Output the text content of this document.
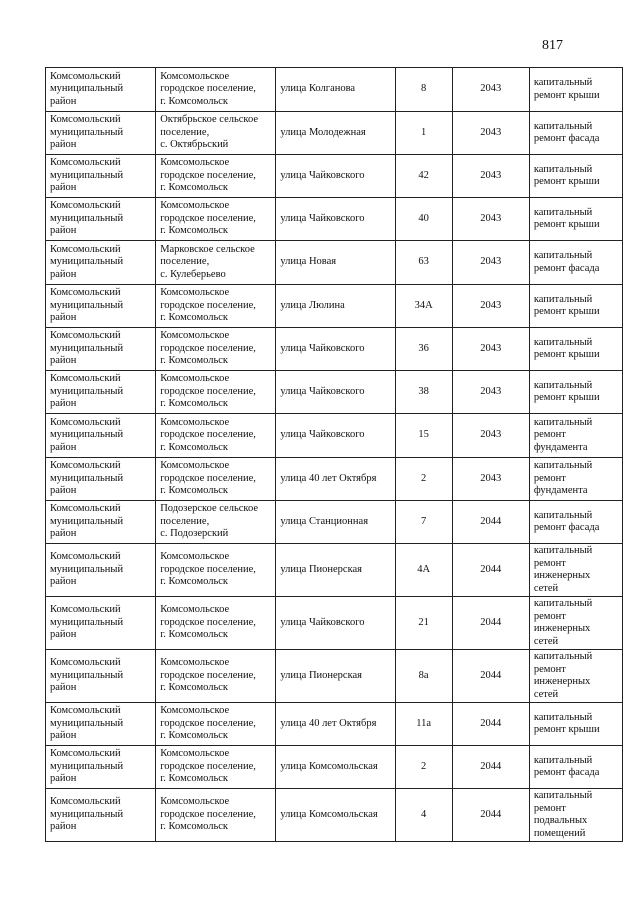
817
Комсомольский
муниципальный
район	Комсомольское
городское поселение,
г. Комсомольск	улица Колганова	8	2043	капитальный
ремонт крыши
Комсомольский
муниципальный
район	Октябрьское сельское
поселение,
с. Октябрьский	улица Молодежная	1	2043	капитальный
ремонт фасада
Комсомольский
муниципальный
район	Комсомольское
городское поселение,
г. Комсомольск	улица Чайковского	42	2043	капитальный
ремонт крыши
Комсомольский
муниципальный
район	Комсомольское
городское поселение,
г. Комсомольск	улица Чайковского	40	2043	капитальный
ремонт крыши
Комсомольский
муниципальный
район	Марковское сельское
поселение,
с. Кулеберьево	улица Новая	63	2043	капитальный
ремонт фасада
Комсомольский
муниципальный
район	Комсомольское
городское поселение,
г. Комсомольск	улица Люлина	34А	2043	капитальный
ремонт крыши
Комсомольский
муниципальный
район	Комсомольское
городское поселение,
г. Комсомольск	улица Чайковского	36	2043	капитальный
ремонт крыши
Комсомольский
муниципальный
район	Комсомольское
городское поселение,
г. Комсомольск	улица Чайковского	38	2043	капитальный
ремонт крыши
Комсомольский
муниципальный
район	Комсомольское
городское поселение,
г. Комсомольск	улица Чайковского	15	2043	капитальный
ремонт
фундамента
Комсомольский
муниципальный
район	Комсомольское
городское поселение,
г. Комсомольск	улица 40 лет Октября	2	2043	капитальный
ремонт
фундамента
Комсомольский
муниципальный
район	Подозерское сельское
поселение,
с. Подозерский	улица Станционная	7	2044	капитальный
ремонт фасада
Комсомольский
муниципальный
район	Комсомольское
городское поселение,
г. Комсомольск	улица Пионерская	4А	2044	капитальный
ремонт
инженерных
сетей
Комсомольский
муниципальный
район	Комсомольское
городское поселение,
г. Комсомольск	улица Чайковского	21	2044	капитальный
ремонт
инженерных
сетей
Комсомольский
муниципальный
район	Комсомольское
городское поселение,
г. Комсомольск	улица Пионерская	8а	2044	капитальный
ремонт
инженерных
сетей
Комсомольский
муниципальный
район	Комсомольское
городское поселение,
г. Комсомольск	улица 40 лет Октября	11а	2044	капитальный
ремонт крыши
Комсомольский
муниципальный
район	Комсомольское
городское поселение,
г. Комсомольск	улица Комсомольская	2	2044	капитальный
ремонт фасада
Комсомольский
муниципальный
район	Комсомольское
городское поселение,
г. Комсомольск	улица Комсомольская	4	2044	капитальный
ремонт
подвальных
помещений
